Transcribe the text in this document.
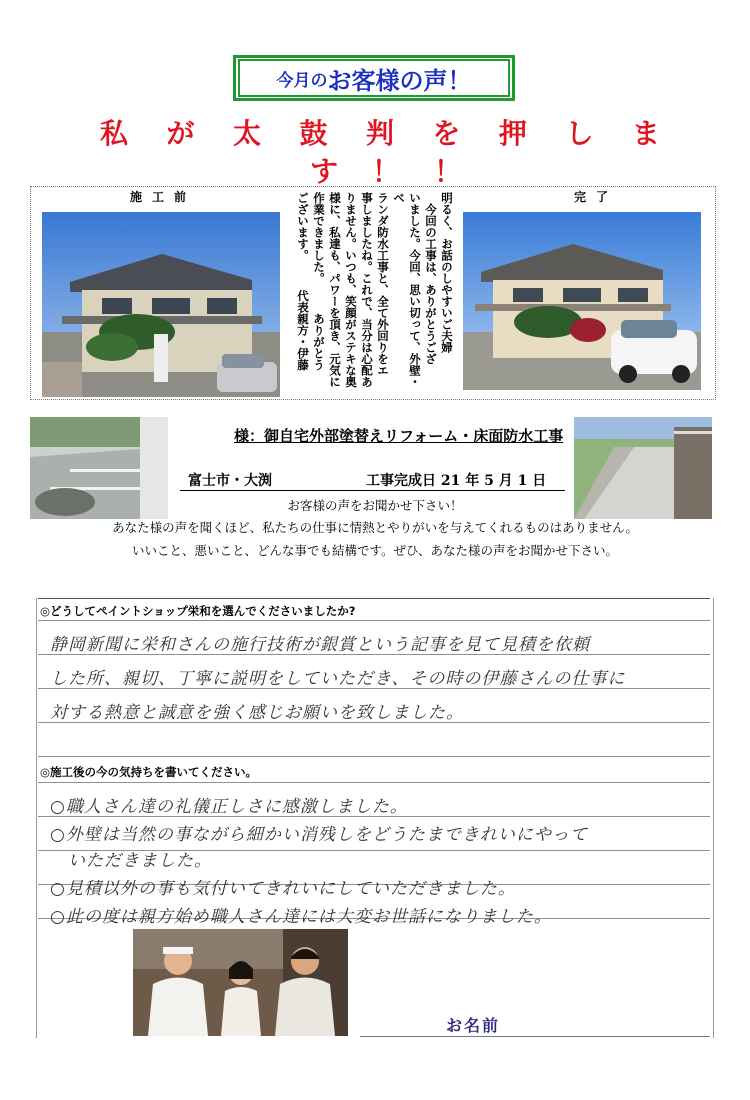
今月の お客様の声！
私 が 太 鼓 判 を 押 し ま
す！！
施工前	完了

明るく、お話のしやすいご夫婦

　今回の工事は、ありがとうござ

いました。今回、思い切って、外壁・ベ

ランダ防水工事と、全て外回りをエ

事しましたね。これで、当分は心配あ

りません。いつも、笑顔がステキな奥

様に、私達も、パワーを頂き、元気に

作業できました。　　　ありがとう

ございます。　　　代表親方・伊藤

様：御自宅外部塗替えリフォーム・床面防水工事
富士市・大渕	工事完成日 21 年 5 月 1 日
お客様の声をお聞かせ下さい！
あなた様の声を聞くほど、私たちの仕事に情熱とやりがいを与えてくれるものはありません。
いいこと、悪いこと、どんな事でも結構です。ぜひ、あなた様の声をお聞かせ下さい。
◎どうしてペイントショップ栄和を選んでくださいましたか?
静岡新聞に栄和さんの施行技術が銀賞という記事を見て見積を依頼
した所、親切、丁寧に説明をしていただき、その時の伊藤さんの仕事に
対する熱意と誠意を強く感じお願いを致しました。
◎施工後の今の気持ちを書いてください。
○職人さん達の礼儀正しさに感激しました。
○外壁は当然の事ながら細かい消残しをどうたまできれいにやって
　いただきました。
○見積以外の事も気付いてきれいにしていただきました。
○此の度は親方始め職人さん達には大変お世話になりました。
お名前
